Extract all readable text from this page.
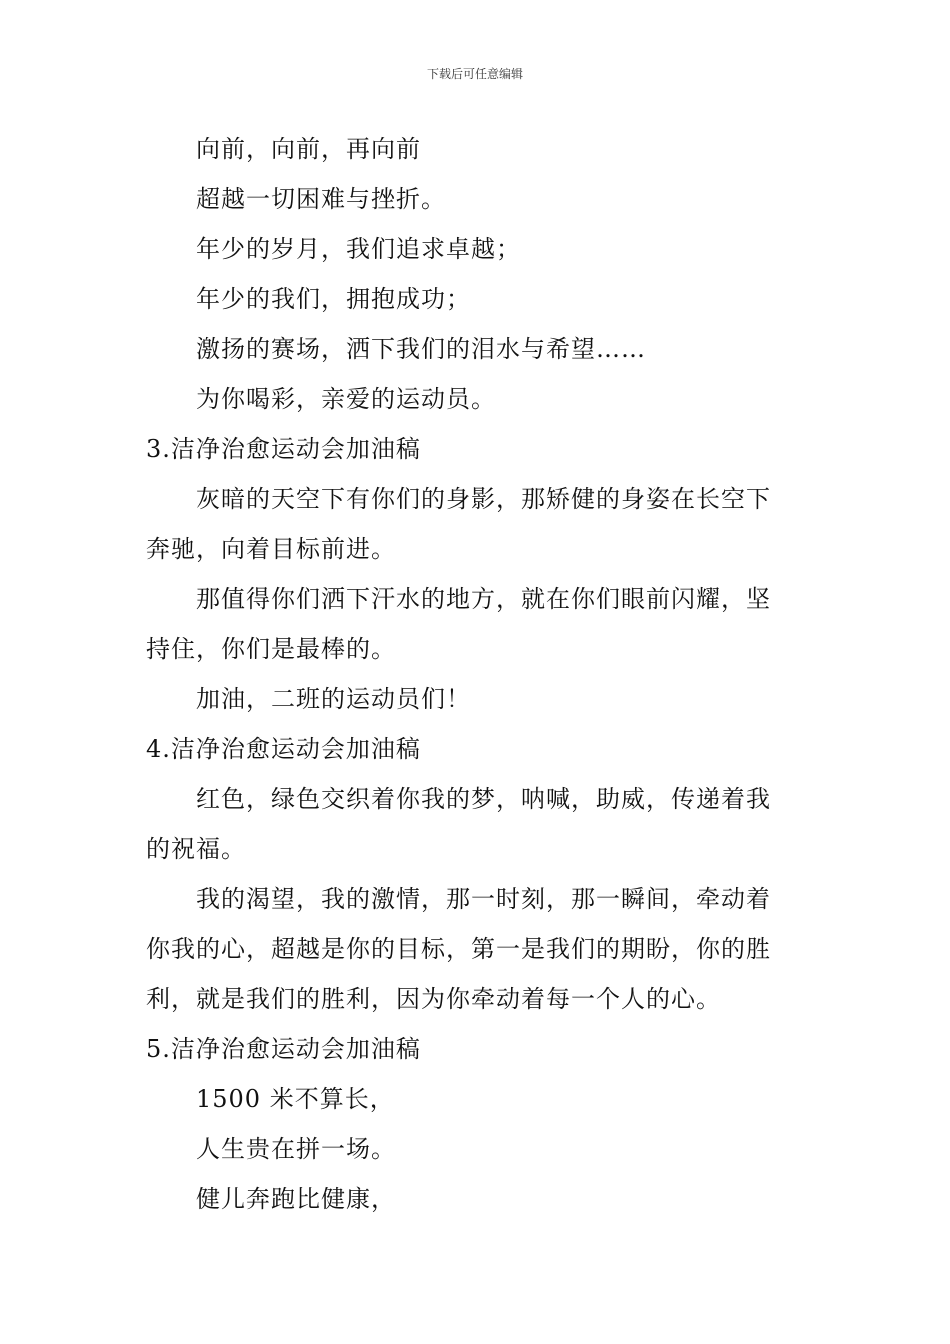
下载后可任意编辑
向前，向前，再向前
超越一切困难与挫折。
年少的岁月，我们追求卓越；
年少的我们，拥抱成功；
激扬的赛场，洒下我们的泪水与希望……
为你喝彩，亲爱的运动员。
3.洁净治愈运动会加油稿
灰暗的天空下有你们的身影，那矫健的身姿在长空下
奔驰，向着目标前进。
那值得你们洒下汗水的地方，就在你们眼前闪耀，坚
持住，你们是最棒的。
加油，二班的运动员们！
4.洁净治愈运动会加油稿
红色，绿色交织着你我的梦，呐喊，助威，传递着我
的祝福。
我的渴望，我的激情，那一时刻，那一瞬间，牵动着
你我的心，超越是你的目标，第一是我们的期盼，你的胜
利，就是我们的胜利，因为你牵动着每一个人的心。
5.洁净治愈运动会加油稿
1500 米不算长，
人生贵在拼一场。
健儿奔跑比健康，
